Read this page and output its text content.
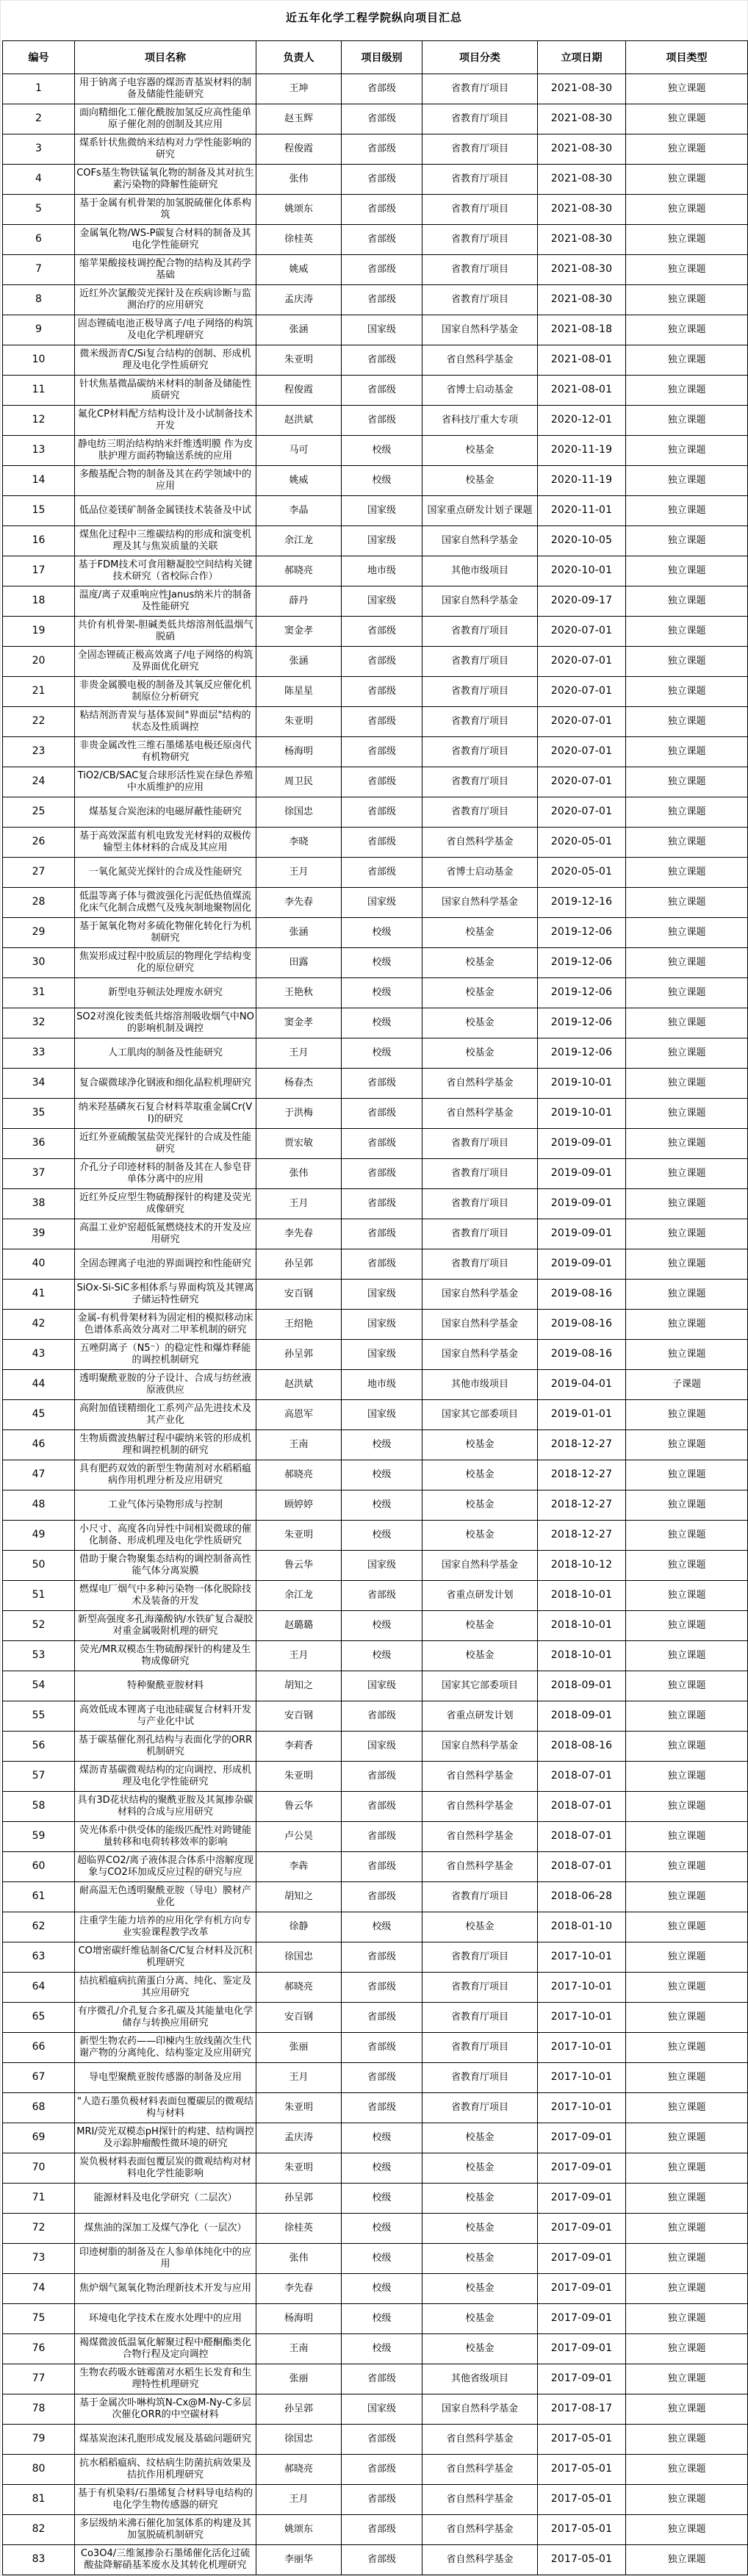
近五年化学工程学院纵向项目汇总
编号	项目名称	负责人	项目级别	项目分类	立项日期	项目类型
1	用于钠离子电容器的煤沥青基炭材料的制备及储能性能研究	王坤	省部级	省教育厅项目	2021-08-30	独立课题
2	面向精细化工催化酰胺加氢反应高性能单原子催化剂的创制及其应用	赵玉辉	省部级	省教育厅项目	2021-08-30	独立课题
3	煤系针状焦微纳米结构对力学性能影响的研究	程俊霞	省部级	省教育厅项目	2021-08-30	独立课题
4	COFs基生物铁锰氧化物的制备及其对抗生素污染物的降解性能研究	张伟	省部级	省教育厅项目	2021-08-30	独立课题
5	基于金属有机骨架的加氢脱硫催化体系构筑	姚颂东	省部级	省教育厅项目	2021-08-30	独立课题
6	金属氧化物/WS-P碳复合材料的制备及其电化学性能研究	徐桂英	省部级	省教育厅项目	2021-08-30	独立课题
7	缩苹果酸接枝调控配合物的结构及其药学基础	姚威	省部级	省教育厅项目	2021-08-30	独立课题
8	近红外次氯酸荧光探针及在疾病诊断与监测治疗的应用研究	孟庆涛	省部级	省教育厅项目	2021-08-30	独立课题
9	固态锂硫电池正极导离子/电子网络的构筑及电化学机理研究	张涵	国家级	国家自然科学基金	2021-08-18	独立课题
10	微米级沥青C/Si复合结构的创制、形成机理及电化学性质研究	朱亚明	省部级	省自然科学基金	2021-08-01	独立课题
11	针状焦基微晶碳纳米材料的制备及储能性质研究	程俊霞	省部级	省博士启动基金	2021-08-01	独立课题
12	氟化CP材料配方结构设计及小试制备技术开发	赵洪斌	省部级	省科技厅重大专项	2020-12-01	独立课题
13	静电纺三明治结构纳米纤维透明膜 作为皮肤护理方面药物输送系统的应用	马可	校级	校基金	2020-11-19	独立课题
14	多酸基配合物的制备及其在药学领域中的应用	姚威	校级	校基金	2020-11-19	独立课题
15	低品位菱镁矿制备金属镁技术装备及中试	李晶	国家级	国家重点研发计划子课题	2020-11-01	独立课题
16	煤焦化过程中三维碳结构的形成和演变机理及其与焦炭质量的关联	余江龙	国家级	国家自然科学基金	2020-10-05	独立课题
17	基于FDM技术可食用糖凝胶空间结构关键技术研究（省校际合作）	郝晓亮	地市级	其他市级项目	2020-10-01	独立课题
18	温度/离子双重响应性Janus纳米片的制备及性能研究	薛丹	国家级	国家自然科学基金	2020-09-17	独立课题
19	共价有机骨架-胆碱类低共熔溶剂低温烟气脱硝	窦金孝	省部级	省教育厅项目	2020-07-01	独立课题
20	全固态锂硫正极高效离子/电子网络的构筑及界面优化研究	张涵	省部级	省教育厅项目	2020-07-01	独立课题
21	非贵金属膜电极的制备及其氧反应催化机制原位分析研究	陈星星	省部级	省教育厅项目	2020-07-01	独立课题
22	粘结剂沥青炭与基体炭间"界面层"结构的状态及性质调控	朱亚明	省部级	省教育厅项目	2020-07-01	独立课题
23	非贵金属改性三维石墨烯基电极还原卤代有机物研究	杨海明	省部级	省教育厅项目	2020-07-01	独立课题
24	TiO2/CB/SAC复合球形活性炭在绿色养殖中水质维护的应用	周卫民	省部级	省教育厅项目	2020-07-01	独立课题
25	煤基复合炭泡沫的电磁屏蔽性能研究	徐国忠	省部级	省教育厅项目	2020-07-01	独立课题
26	基于高效深蓝有机电致发光材料的双极传输型主体材料的合成及其应用	李晓	省部级	省自然科学基金	2020-05-01	独立课题
27	一氧化氮荧光探针的合成及性能研究	王月	省部级	省博士启动基金	2020-05-01	独立课题
28	低温等离子体与微波强化污泥低热值煤流化床气化制合成燃气及残灰制地聚物固化	李先春	国家级	国家自然科学基金	2019-12-16	独立课题
29	基于氮氧化物对多硫化物催化转化行为机制研究	张涵	校级	校基金	2019-12-06	独立课题
30	焦炭形成过程中胶质层的物理化学结构变化的原位研究	田露	校级	校基金	2019-12-06	独立课题
31	新型电芬顿法处理废水研究	王艳秋	校级	校基金	2019-12-06	独立课题
32	SO2对溴化铵类低共熔溶剂吸收烟气中NO的影响机制及调控	窦金孝	校级	校基金	2019-12-06	独立课题
33	人工肌肉的制备及性能研究	王月	校级	校基金	2019-12-06	独立课题
34	复合碳微球净化钢液和细化晶粒机理研究	杨春杰	省部级	省自然科学基金	2019-10-01	独立课题
35	纳米羟基磷灰石复合材料萃取重金属Cr(VI)的研究	于洪梅	省部级	省自然科学基金	2019-10-01	独立课题
36	近红外亚硫酸氢盐荧光探针的合成及性能研究	贾宏敏	省部级	省教育厅项目	2019-09-01	独立课题
37	介孔分子印迹材料的制备及其在人参皂苷单体分离中的应用	张伟	省部级	省教育厅项目	2019-09-01	独立课题
38	近红外反应型生物硫醇探针的构建及荧光成像研究	王月	省部级	省教育厅项目	2019-09-01	独立课题
39	高温工业炉窑超低氮燃烧技术的开发及应用研究	李先春	省部级	省教育厅项目	2019-09-01	独立课题
40	全固态锂离子电池的界面调控和性能研究	孙呈郭	省部级	省教育厅项目	2019-09-01	独立课题
41	SiOx-Si-SiC多相体系与界面构筑及其锂离子储运特性研究	安百钢	国家级	国家自然科学基金	2019-08-16	独立课题
42	金属-有机骨架材料为固定相的模拟移动床色谱体系高效分离对二甲苯机制的研究	王绍艳	国家级	国家自然科学基金	2019-08-16	独立课题
43	五唑阴离子（N5⁻）的稳定性和爆炸释能的调控机制研究	孙呈郭	国家级	国家自然科学基金	2019-08-16	独立课题
44	透明聚酰亚胺的分子设计、合成与纺丝液原液供应	赵洪斌	地市级	其他市级项目	2019-04-01	子课题
45	高附加值镁精细化工系列产品先进技术及其产业化	高恩军	国家级	国家其它部委项目	2019-01-01	独立课题
46	生物质微波热解过程中碳纳米管的形成机理和调控机制的研究	王南	校级	校基金	2018-12-27	独立课题
47	具有肥药双效的新型生物菌剂对水稻稻瘟病作用机理分析及应用研究	郝晓亮	校级	校基金	2018-12-27	独立课题
48	工业气体污染物形成与控制	顾婷婷	校级	校基金	2018-12-27	独立课题
49	小尺寸、高度各向异性中间相炭微球的催化制备、形成机理及电化学性质研究	朱亚明	校级	校基金	2018-12-27	独立课题
50	借助于聚合物聚集态结构的调控制备高性能气体分离炭膜	鲁云华	国家级	国家自然科学基金	2018-10-12	独立课题
51	燃煤电厂烟气中多种污染物一体化脱除技术及装备的开发	余江龙	省部级	省重点研发计划	2018-10-01	独立课题
52	新型高强度多孔海藻酸钠/水铁矿复合凝胶对重金属吸附机理的研究	赵璐璐	校级	校基金	2018-10-01	独立课题
53	荧光/MR双模态生物硫醇探针的构建及生物成像研究	王月	校级	校基金	2018-10-01	独立课题
54	特种聚酰亚胺材料	胡知之	国家级	国家其它部委项目	2018-09-01	独立课题
55	高效低成本锂离子电池硅碳复合材料开发与产业化中试	安百钢	省部级	省重点研发计划	2018-09-01	独立课题
56	基于碳基催化剂孔结构与表面化学的ORR机制研究	李莉香	国家级	国家自然科学基金	2018-08-16	独立课题
57	煤沥青基碳微观结构的定向调控、形成机理及电化学性能研究	朱亚明	省部级	省自然科学基金	2018-07-01	独立课题
58	具有3D花状结构的聚酰亚胺及其氮掺杂碳材料的合成与应用研究	鲁云华	省部级	省自然科学基金	2018-07-01	独立课题
59	荧光体系中供受体的能级匹配性对跨键能量转移和电荷转移效率的影响	卢公昊	省部级	省自然科学基金	2018-07-01	独立课题
60	超临界CO2/离子液体混合体系中溶解度现象与CO2环加成反应过程的研究与应	李犇	省部级	省自然科学基金	2018-07-01	独立课题
61	耐高温无色透明聚酰亚胺（导电）膜材产业化	胡知之	省部级	省教育厅项目	2018-06-28	独立课题
62	注重学生能力培养的应用化学有机方向专业实验课程教学改革	徐静	校级	校基金	2018-01-10	独立课题
63	CO增密碳纤维毡制备C/C复合材料及沉积机理研究	徐国忠	省部级	省教育厅项目	2017-10-01	独立课题
64	拮抗稻瘟病抗菌蛋白分离、纯化、鉴定及其应用研究	郝晓亮	省部级	省教育厅项目	2017-10-01	独立课题
65	有序微孔/介孔复合多孔碳及其能量电化学储存与转换应用研究	安百钢	省部级	省教育厅项目	2017-10-01	独立课题
66	新型生物农药——印楝内生放线菌次生代谢产物的分离纯化、结构鉴定及应用研究	张丽	省部级	省教育厅项目	2017-10-01	独立课题
67	导电型聚酰亚胺传感器的制备及应用	王月	省部级	省教育厅项目	2017-10-01	独立课题
68	"人造石墨负极材料表面包覆碳层的微观结构与材料	朱亚明	省部级	省教育厅项目	2017-10-01	独立课题
69	MRI/荧光双模态pH探针的构建、结构调控及示踪肿瘤酸性微环境的研究	孟庆涛	校级	校基金	2017-09-01	独立课题
70	炭负极材料表面包覆层炭的微观结构对材料电化学性能影响	朱亚明	校级	校基金	2017-09-01	独立课题
71	能源材料及电化学研究（二层次）	孙呈郭	校级	校基金	2017-09-01	独立课题
72	煤焦油的深加工及煤气净化（一层次）	徐桂英	校级	校基金	2017-09-01	独立课题
73	印迹树脂的制备及在人参单体纯化中的应用	张伟	校级	校基金	2017-09-01	独立课题
74	焦炉烟气氮氧化物治理新技术开发与应用	李先春	校级	校基金	2017-09-01	独立课题
75	环境电化学技术在废水处理中的应用	杨海明	校级	校基金	2017-09-01	独立课题
76	褐煤微波低温氧化解聚过程中醛酮酯类化合物行程及定向调控	王南	校级	校基金	2017-09-01	独立课题
77	生物农药吸水链霉菌对水稻生长发育和生理特性机理研究	张丽	省部级	其他省级项目	2017-09-01	独立课题
78	基于金属次卟啉构筑N-Cx@M-Ny-C多层次催化ORR的中空碳材料	孙呈郭	国家级	国家自然科学基金	2017-08-17	独立课题
79	煤基炭泡沫孔胞形成发展及基础问题研究	徐国忠	省部级	省自然科学基金	2017-05-01	独立课题
80	抗水稻稻瘟病、纹枯病生防菌抗病效果及拮抗作用机理研究	郝晓亮	省部级	省自然科学基金	2017-05-01	独立课题
81	基于有机染料/石墨烯复合材料导电结构的电化学生物传感器的研究	王月	省部级	省自然科学基金	2017-05-01	独立课题
82	多层级纳米沸石催化加氢体系的构建及其加氢脱硫机制研究	姚颂东	省部级	省自然科学基金	2017-05-01	独立课题
83	Co3O4/三维氮掺杂石墨烯催化活化过硫酸盐降解硝基苯废水及其转化机理研究	李丽华	省部级	省自然科学基金	2017-05-01	独立课题
